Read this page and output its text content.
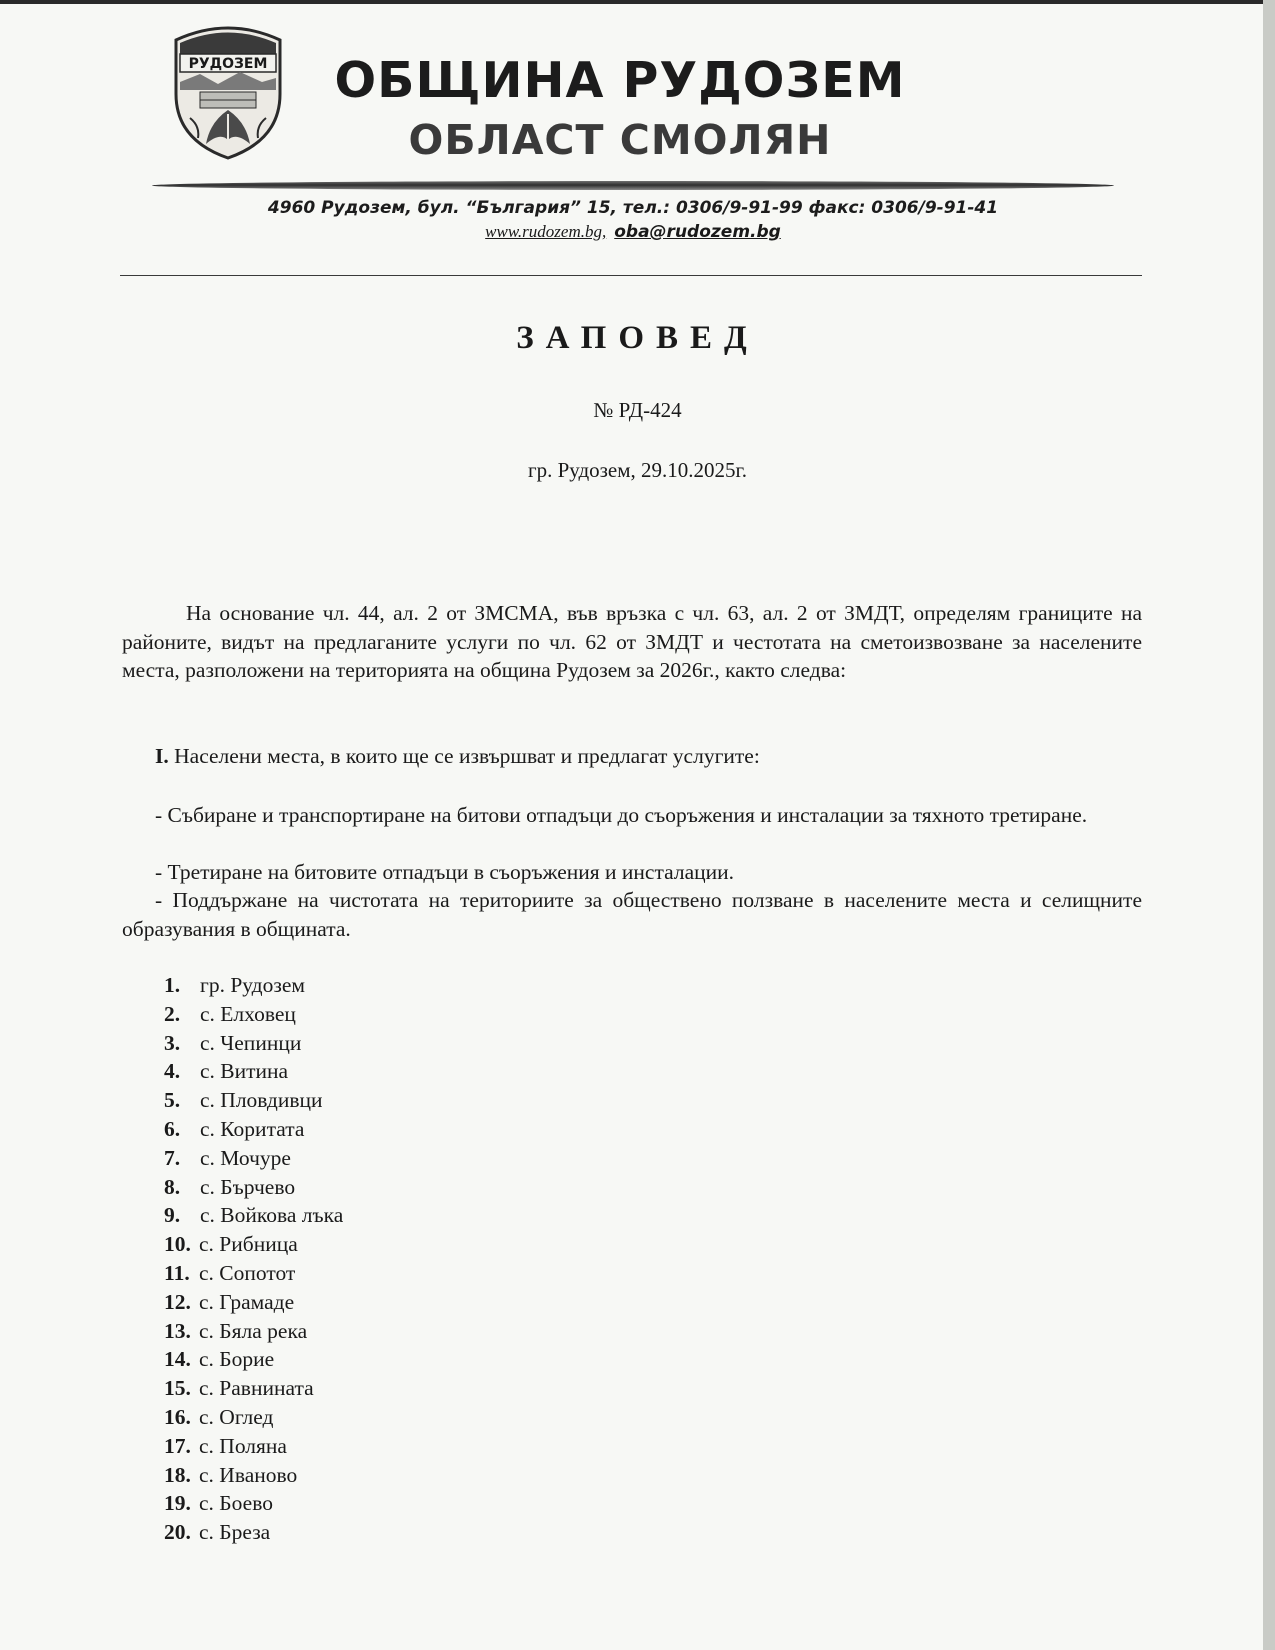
РУДОЗЕМ	ОБЩИНА РУДОЗЕМ
ОБЛАСТ СМОЛЯН
4960 Рудозем, бул. “България” 15, тел.: 0306/9-91-99 факс: 0306/9-91-41
www.rudozem.bg, oba@rudozem.bg
ЗАПОВЕД
№ РД-424
гр. Рудозем, 29.10.2025г.
На основание чл. 44, ал. 2 от ЗМСМА, във връзка с чл. 63, ал. 2 от ЗМДТ, определям границите на районите, видът на предлаганите услуги по чл. 62 от ЗМДТ и честотата на сметоизвозване за населените места, разположени на територията на община Рудозем за 2026г., както следва:
I. Населени места, в които ще се извършват и предлагат услугите:
- Събиране и транспортиране на битови отпадъци до съоръжения и инсталации за тяхното третиране.
- Третиране на битовите отпадъци в съоръжения и инсталации.
- Поддържане на чистотата на териториите за обществено ползване в населените места и селищните образувания в общината.
1. гр. Рудозем
2. с. Елховец
3. с. Чепинци
4. с. Витина
5. с. Пловдивци
6. с. Коритата
7. с. Мочуре
8. с. Бърчево
9. с. Войкова лъка
10. с. Рибница
11. с. Сопотот
12. с. Грамаде
13. с. Бяла река
14. с. Борие
15. с. Равнината
16. с. Оглед
17. с. Поляна
18. с. Иваново
19. с. Боево
20. с. Бреза
